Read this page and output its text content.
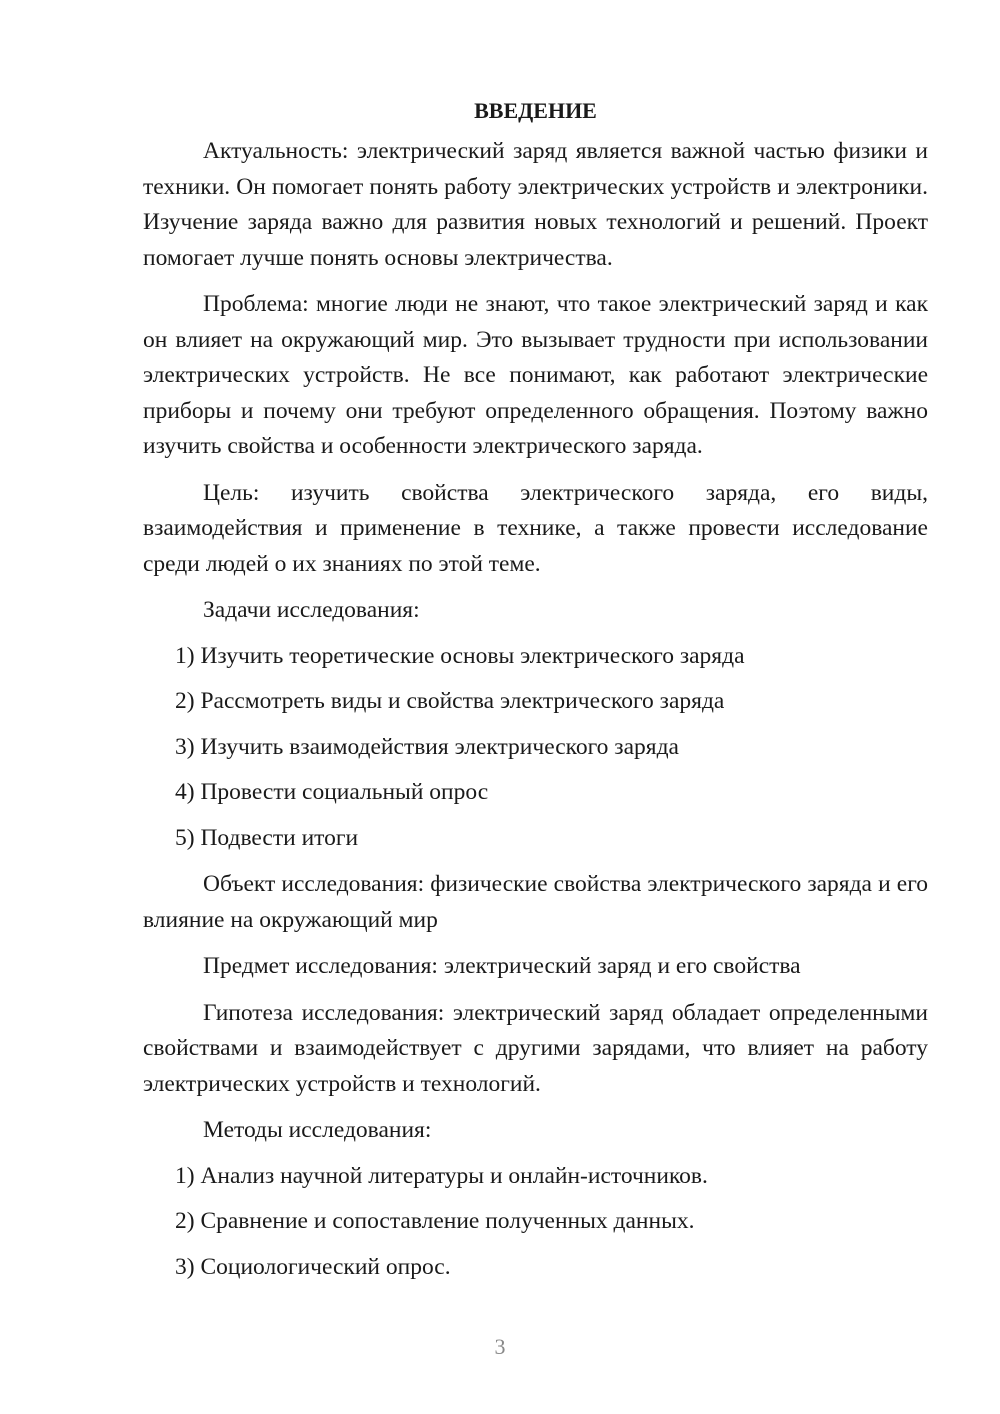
ВВЕДЕНИЕ

Актуальность: электрический заряд является важной частью физики и техники. Он помогает понять работу электрических устройств и электроники. Изучение заряда важно для развития новых технологий и решений. Проект помогает лучше понять основы электричества.

Проблема: многие люди не знают, что такое электрический заряд и как он влияет на окружающий мир. Это вызывает трудности при использовании электрических устройств. Не все понимают, как работают электрические приборы и почему они требуют определенного обращения. Поэтому важно изучить свойства и особенности электрического заряда.

Цель: изучить свойства электрического заряда, его виды, взаимодействия и применение в технике, а также провести исследование среди людей о их знаниях по этой теме.

Задачи исследования:
1) Изучить теоретические основы электрического заряда
2) Рассмотреть виды и свойства электрического заряда
3) Изучить взаимодействия электрического заряда
4) Провести социальный опрос
5) Подвести итоги

Объект исследования: физические свойства электрического заряда и его влияние на окружающий мир

Предмет исследования: электрический заряд и его свойства

Гипотеза исследования: электрический заряд обладает определенными свойствами и взаимодействует с другими зарядами, что влияет на работу электрических устройств и технологий.

Методы исследования:
1) Анализ научной литературы и онлайн-источников.
2) Сравнение и сопоставление полученных данных.
3) Социологический опрос.
3
